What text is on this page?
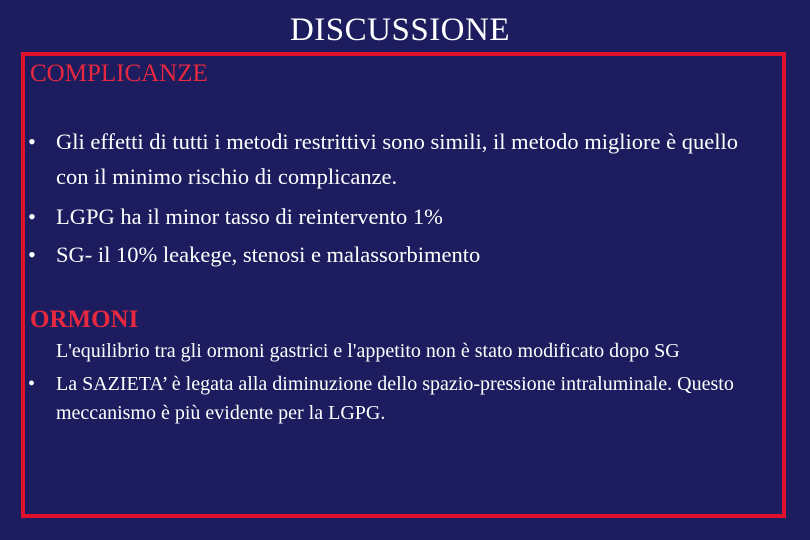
DISCUSSIONE
COMPLICANZE
• Gli effetti di tutti i metodi restrittivi sono simili, il metodo migliore è quello con il minimo rischio di complicanze.
• LGPG ha il minor tasso di reintervento 1%
• SG- il 10% leakege, stenosi e malassorbimento
ORMONI
L'equilibrio tra gli ormoni gastrici e l'appetito non è stato modificato dopo SG
• La SAZIETA’ è legata alla diminuzione dello spazio-pressione intraluminale. Questo meccanismo è più evidente per la LGPG.
